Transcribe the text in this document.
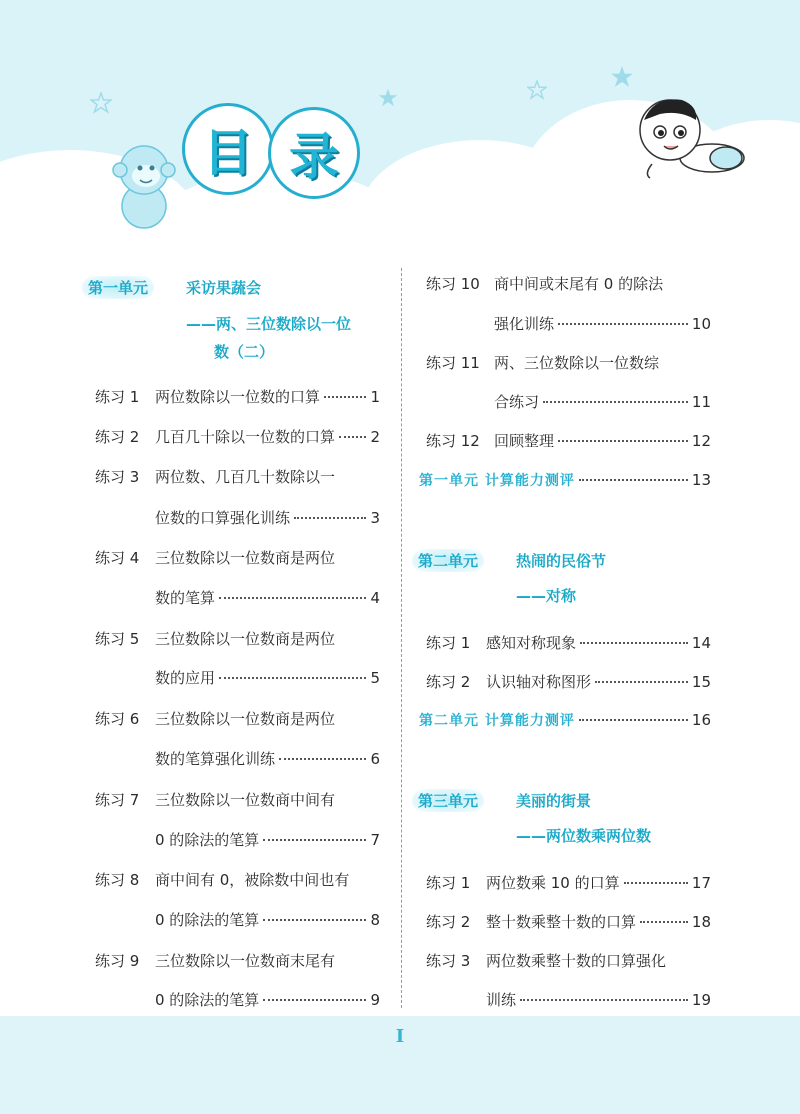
目 录
第一单元	采访果蔬会
——两、三位数除以一位
数（二）
练习 1	两位数除以一位数的口算	1
练习 2	几百几十除以一位数的口算 2
练习 3	两位数、几百几十数除以一
位数的口算强化训练	3
练习 4	三位数除以一位数商是两位
数的笔算	4
练习 5	三位数除以一位数商是两位
数的应用	5
练习 6	三位数除以一位数商是两位
数的笔算强化训练	6
练习 7	三位数除以一位数商中间有
0 的除法的笔算	7
练习 8	商中间有 0，被除数中间也有
0 的除法的笔算	8
练习 9	三位数除以一位数商末尾有
0 的除法的笔算	9
练习 10 商中间或末尾有 0 的除法
强化训练	10
练习 11 两、三位数除以一位数综
合练习	11
练习 12 回顾整理	12
第一单元 计算能力测评	13
第二单元	热闹的民俗节
——对称
练习 1	感知对称现象	14
练习 2	认识轴对称图形	15
第二单元 计算能力测评	16
第三单元	美丽的街景
——两位数乘两位数
练习 1	两位数乘 10 的口算	17
练习 2	整十数乘整十数的口算	18
练习 3	两位数乘整十数的口算强化
训练	19
I
